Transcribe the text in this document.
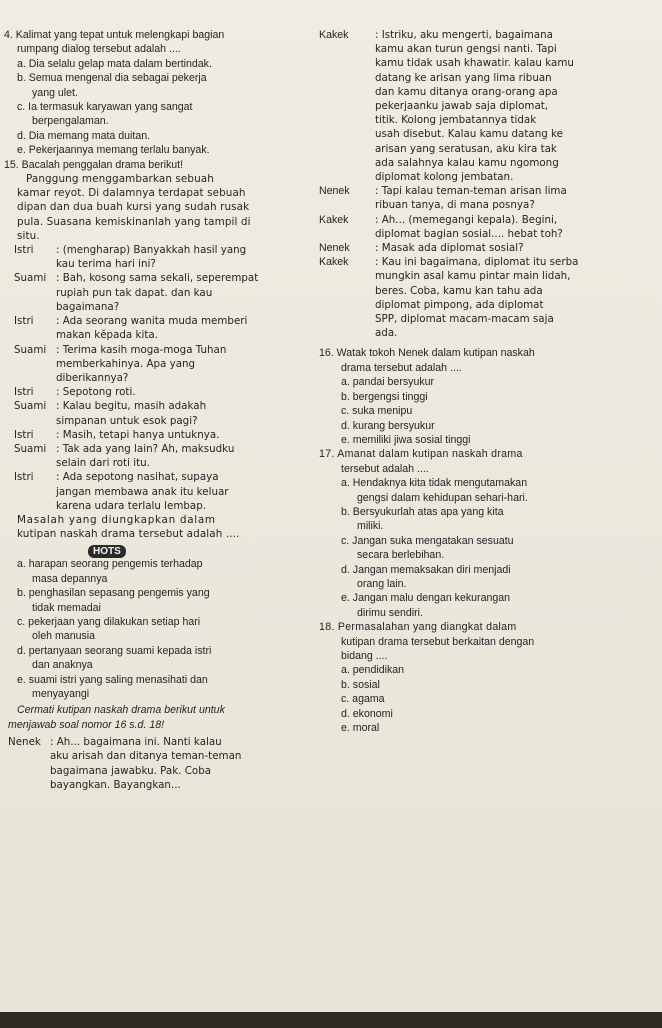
4. Kalimat yang tepat untuk melengkapi bagian
rumpang dialog tersebut adalah ....
a. Dia selalu gelap mata dalam bertindak.
b. Semua mengenal dia sebagai pekerja
yang ulet.
c. Ia termasuk karyawan yang sangat
berpengalaman.
d. Dia memang mata duitan.
e. Pekerjaannya memang terlalu banyak.
15. Bacalah penggalan drama berikut!
Panggung menggambarkan sebuah
kamar reyot. Di dalamnya terdapat sebuah
dipan dan dua buah kursi yang sudah rusak
pula. Suasana kemiskinanlah yang tampil di
situ.
Istri	: (mengharap) Banyakkah hasil yang
kau terima hari ini?
Suami : Bah, kosong sama sekali, seperempat
rupiah pun tak dapat. dan kau
bagaimana?
Istri	: Ada seorang wanita muda memberi
makan kĕpada kita.
Suami : Terima kasih moga-moga Tuhan
memberkahinya. Apa yang
diberikannya?
Istri	: Sepotong roti.
Suami : Kalau begitu, masih adakah
simpanan untuk esok pagi?
Istri	: Masih, tetapi hanya untuknya.
Suami : Tak ada yang lain? Ah, maksudku
selain dari roti itu.
Istri	: Ada sepotong nasihat, supaya
jangan membawa anak itu keluar
karena udara terlalu lembap.
Masalah yang diungkapkan dalam
kutipan naskah drama tersebut adalah ....
HOTS
a. harapan seorang pengemis terhadap
masa depannya
b. penghasilan sepasang pengemis yang
tidak memadai
c. pekerjaan yang dilakukan setiap hari
oleh manusia
d. pertanyaan seorang suami kepada istri
dan anaknya
e. suami istri yang saling menasihati dan
menyayangi
Cermati kutipan naskah drama berikut untuk
menjawab soal nomor 16 s.d. 18!
Nenek : Ah... bagaimana ini. Nanti kalau
aku arisah dan ditanya teman-teman
bagaimana jawabku. Pak. Coba
bayangkan. Bayangkan...
Kakek	: Istriku, aku mengerti, bagaimana
kamu akan turun gengsi nanti. Tapi
kamu tidak usah khawatir. kalau kamu
datang ke arisan yang lima ribuan
dan kamu ditanya orang-orang apa
pekerjaanku jawab saja diplomat,
titik. Kolong jembatannya tidak
usah disebut. Kalau kamu datang ke
arisan yang seratusan, aku kira tak
ada salahnya kalau kamu ngomong
diplomat kolong jembatan.
Nenek	: Tapi kalau teman-teman arisan lima
ribuan tanya, di mana posnya?
Kakek	: Ah... (memegangi kepala). Begini,
diplomat bagian sosial.... hebat toh?
Nenek	: Masak ada diplomat sosial?
Kakek	: Kau ini bagaimana, diplomat itu serba
mungkin asal kamu pintar main lidah,
beres. Coba, kamu kan tahu ada
diplomat pimpong, ada diplomat
SPP, diplomat macam-macam saja
ada.
16. Watak tokoh Nenek dalam kutipan naskah
drama tersebut adalah ....
a. pandai bersyukur
b. bergengsi tinggi
c. suka menipu
d. kurang bersyukur
e. memiliki jiwa sosial tinggi
17. Amanat dalam kutipan naskah drama
tersebut adalah ....
a. Hendaknya kita tidak mengutamakan
gengsi dalam kehidupan sehari-hari.
b. Bersyukurlah atas apa yang kita
miliki.
c. Jangan suka mengatakan sesuatu
secara berlebihan.
d. Jangan memaksakan diri menjadi
orang lain.
e. Jangan malu dengan kekurangan
dirimu sendiri.
18. Permasalahan yang diangkat dalam
kutipan drama tersebut berkaitan dengan
bidang ....
a. pendidikan
b. sosial
c. agama
d. ekonomi
e. moral
